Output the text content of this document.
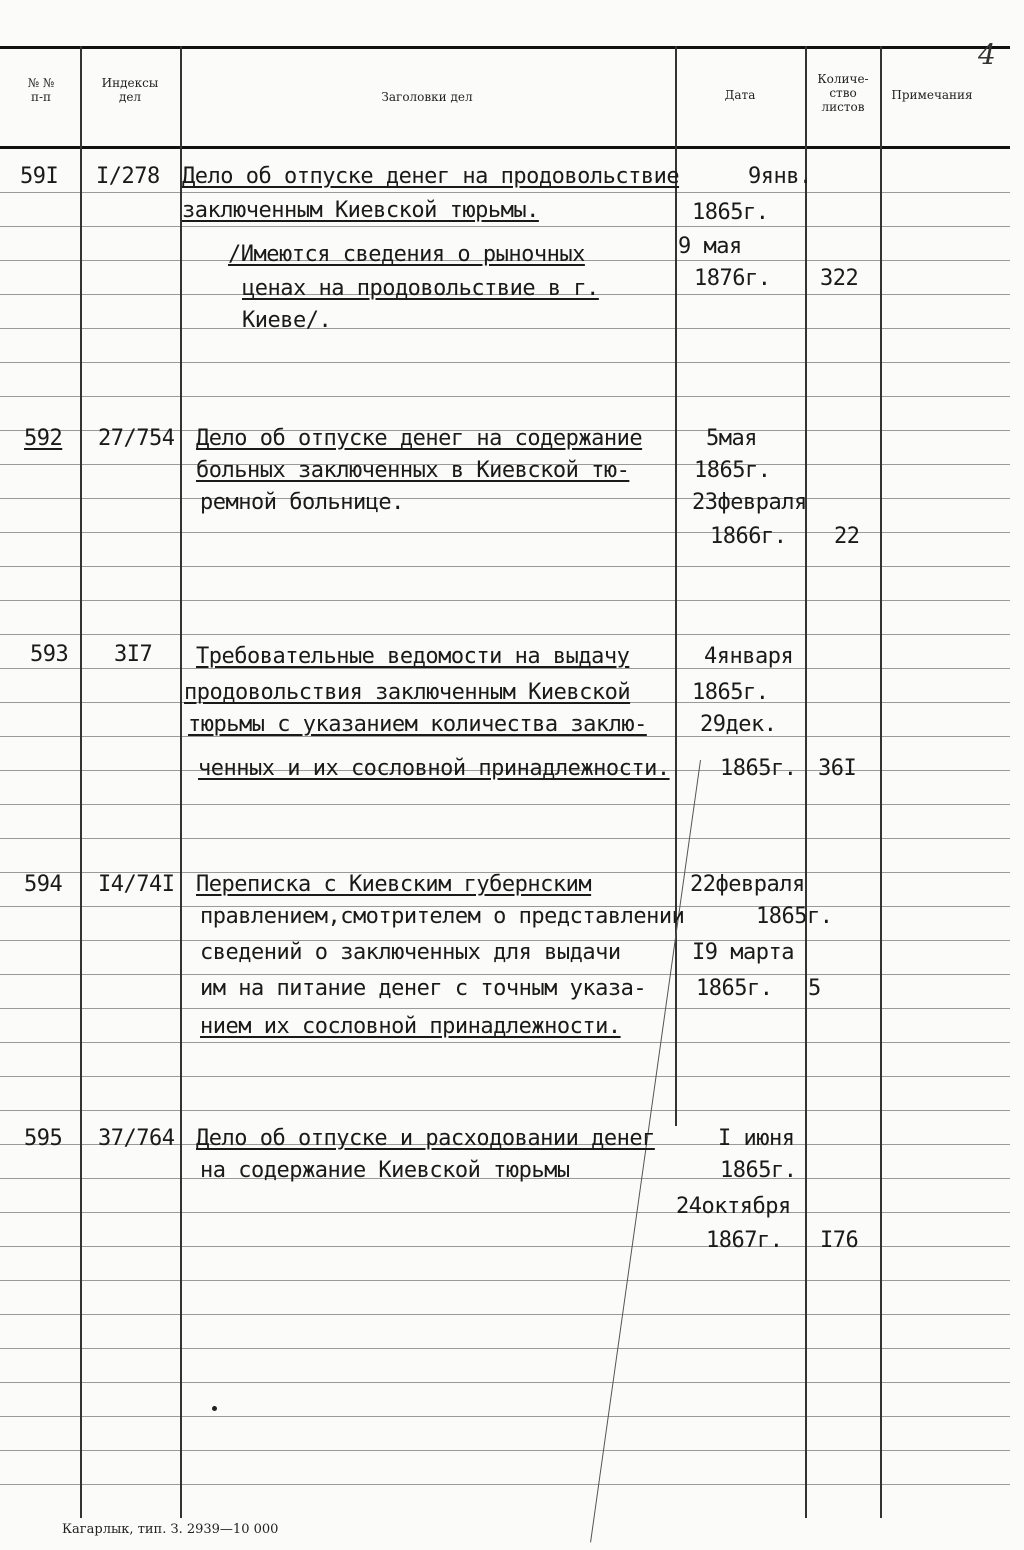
4
№ №
п-п
Индексы
дел	Заголовки дел	Дата
Количе-
ство
листов
Примечания
59I I/278 Дело об отпуске денег на продовольствие
заключенным Киевской тюрьмы.
/Имеются сведения о рыночных
ценах на продовольствие в г.
Киеве/.
9янв.
1865г.
9 мая
1876г. 322
592 27/754 Дело об отпуске денег на содержание
больных заключенных в Киевской тю-
ремной больнице.
5мая
1865г.
23февраля
1866г. 22
593 3I7 Требовательные ведомости на выдачу
продовольствия заключенным Киевской
тюрьмы с указанием количества заклю-
ченных и их сословной принадлежности.
4января
1865г.
29дек.
1865г. 36I
594 I4/74I Переписка с Киевским губернским
правлением,смотрителем о представлении
сведений о заключенных для выдачи
им на питание денег с точным указа-
нием их сословной принадлежности.
22февраля
1865г.
I9 марта
1865г. 5
595 37/764 Дело об отпуске и расходовании денег
на содержание Киевской тюрьмы
I июня
1865г.
24октября
1867г. I76
Кагарлык, тип. З. 2939—10 000
